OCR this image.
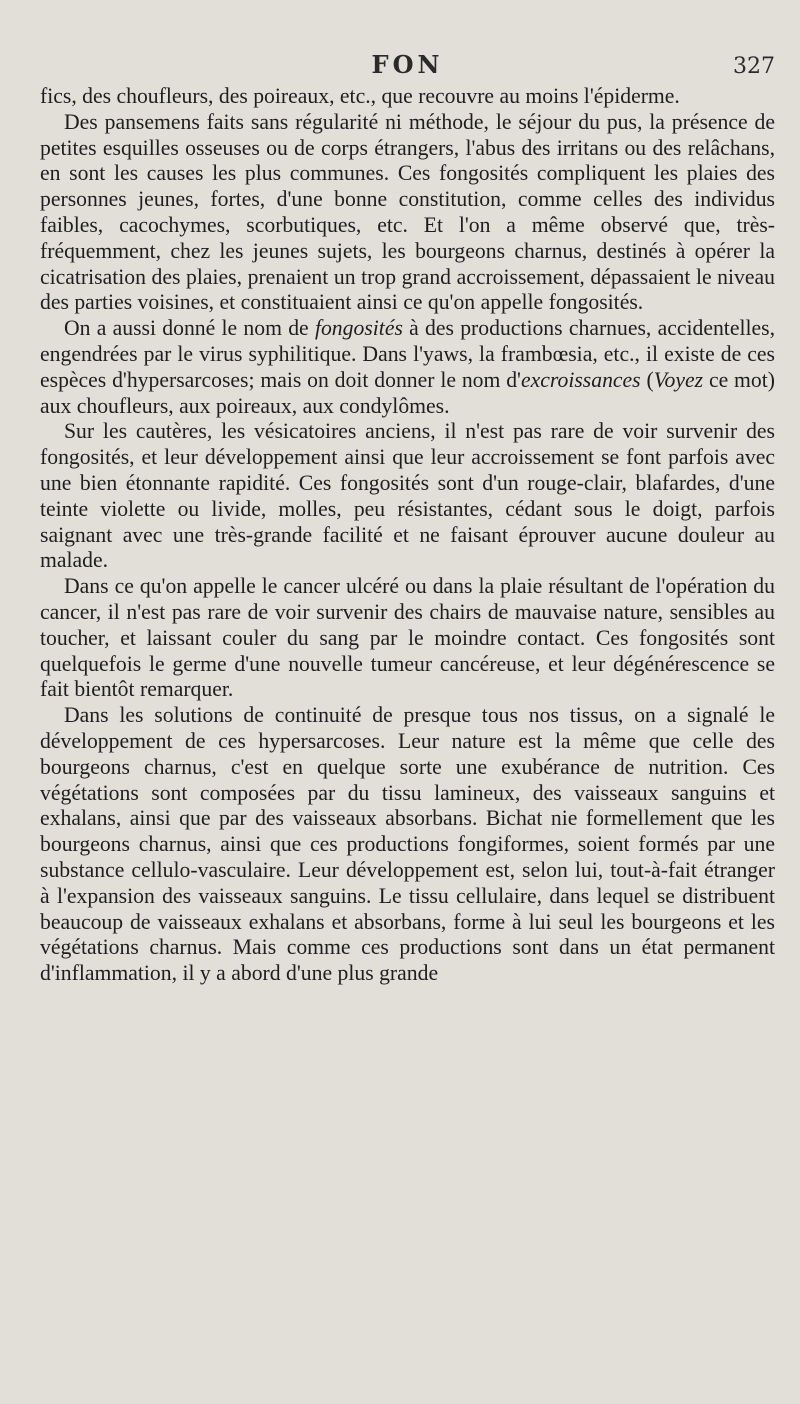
FON	327

fics, des choufleurs, des poireaux, etc., que recouvre au moins l'épiderme.

Des pansemens faits sans régularité ni méthode, le séjour du pus, la présence de petites esquilles osseuses ou de corps étrangers, l'abus des irritans ou des relâchans, en sont les causes les plus communes. Ces fongosités compliquent les plaies des personnes jeunes, fortes, d'une bonne constitution, comme celles des individus faibles, cacochymes, scorbutiques, etc. Et l'on a même observé que, très-fréquemment, chez les jeunes sujets, les bourgeons charnus, destinés à opérer la cicatrisation des plaies, prenaient un trop grand accroissement, dépassaient le niveau des parties voisines, et constituaient ainsi ce qu'on appelle fongosités.

On a aussi donné le nom de fongosités à des productions charnues, accidentelles, engendrées par le virus syphilitique. Dans l'yaws, la frambœsia, etc., il existe de ces espèces d'hypersarcoses; mais on doit donner le nom d'excroissances (Voyez ce mot) aux choufleurs, aux poireaux, aux condylômes.

Sur les cautères, les vésicatoires anciens, il n'est pas rare de voir survenir des fongosités, et leur développement ainsi que leur accroissement se font parfois avec une bien étonnante rapidité. Ces fongosités sont d'un rouge-clair, blafardes, d'une teinte violette ou livide, molles, peu résistantes, cédant sous le doigt, parfois saignant avec une très-grande facilité et ne faisant éprouver aucune douleur au malade.

Dans ce qu'on appelle le cancer ulcéré ou dans la plaie résultant de l'opération du cancer, il n'est pas rare de voir survenir des chairs de mauvaise nature, sensibles au toucher, et laissant couler du sang par le moindre contact. Ces fongosités sont quelquefois le germe d'une nouvelle tumeur cancéreuse, et leur dégénérescence se fait bientôt remarquer.

Dans les solutions de continuité de presque tous nos tissus, on a signalé le développement de ces hypersarcoses. Leur nature est la même que celle des bourgeons charnus, c'est en quelque sorte une exubérance de nutrition. Ces végétations sont composées par du tissu lamineux, des vaisseaux sanguins et exhalans, ainsi que par des vaisseaux absorbans. Bichat nie formellement que les bourgeons charnus, ainsi que ces productions fongiformes, soient formés par une substance cellulo-vasculaire. Leur développement est, selon lui, tout-à-fait étranger à l'expansion des vaisseaux sanguins. Le tissu cellulaire, dans lequel se distribuent beaucoup de vaisseaux exhalans et absorbans, forme à lui seul les bourgeons et les végétations charnus. Mais comme ces productions sont dans un état permanent d'inflammation, il y a abord d'une plus grande
